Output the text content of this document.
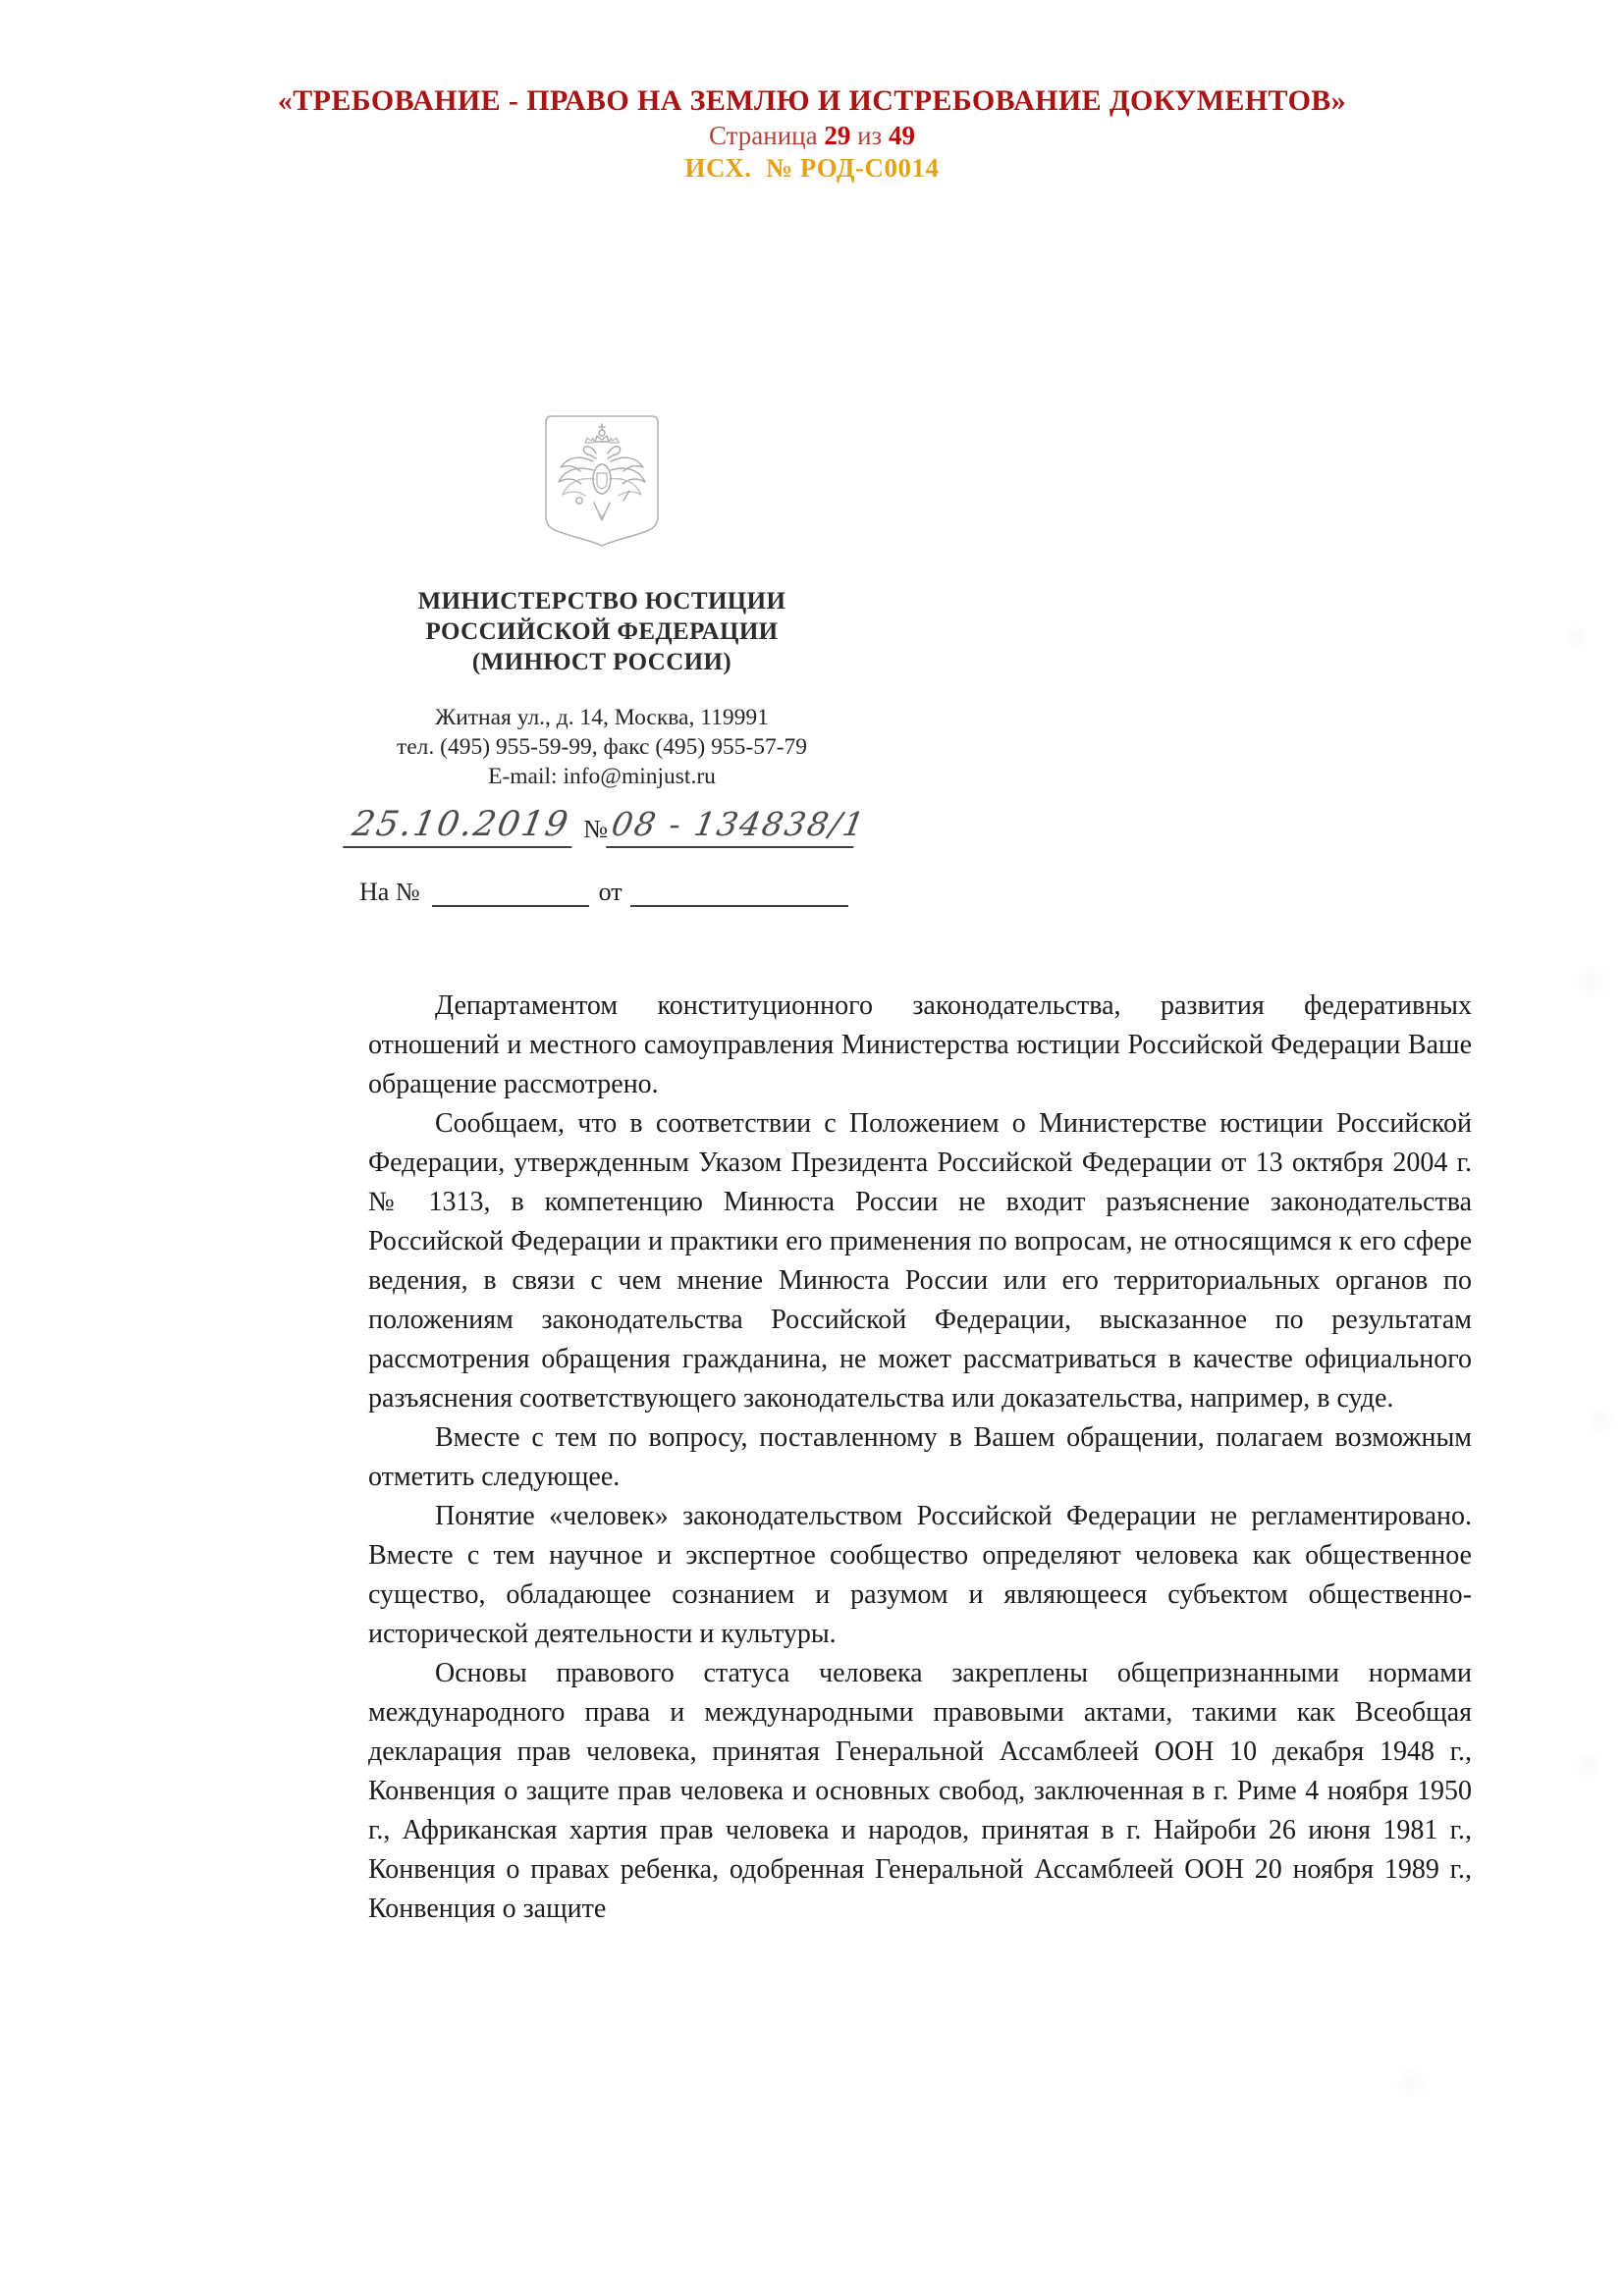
«ТРЕБОВАНИЕ - ПРАВО НА ЗЕМЛЮ И ИСТРЕБОВАНИЕ ДОКУМЕНТОВ»
Страница 29 из 49
ИСХ.  № РОД-С0014
МИНИСТЕРСТВО ЮСТИЦИИ
РОССИЙСКОЙ ФЕДЕРАЦИИ
(МИНЮСТ РОССИИ)
Житная ул., д. 14, Москва, 119991
тел. (495) 955-59-99, факс (495) 955-57-79
E-mail: info@minjust.ru
25.10.2019 № 08 - 134838/1
На №	от

Департаментом конституционного законодательства, развития федеративных отношений и местного самоуправления Министерства юстиции Российской Федерации Ваше обращение рассмотрено.

Сообщаем, что в соответствии с Положением о Министерстве юстиции Российской Федерации, утвержденным Указом Президента Российской Федерации от 13 октября 2004 г. № 1313, в компетенцию Минюста России не входит разъяснение законодательства Российской Федерации и практики его применения по вопросам, не относящимся к его сфере ведения, в связи с чем мнение Минюста России или его территориальных органов по положениям законодательства Российской Федерации, высказанное по результатам рассмотрения обращения гражданина, не может рассматриваться в качестве официального разъяснения соответствующего законодательства или доказательства, например, в суде.

Вместе с тем по вопросу, поставленному в Вашем обращении, полагаем возможным отметить следующее.

Понятие «человек» законодательством Российской Федерации не регламентировано. Вместе с тем научное и экспертное сообщество определяют человека как общественное существо, обладающее сознанием и разумом и являющееся субъектом общественно-исторической деятельности и культуры.

Основы правового статуса человека закреплены общепризнанными нормами международного права и международными правовыми актами, такими как Всеобщая декларация прав человека, принятая Генеральной Ассамблеей ООН 10 декабря 1948 г., Конвенция о защите прав человека и основных свобод, заключенная в г. Риме 4 ноября 1950 г., Африканская хартия прав человека и народов, принятая в г. Найроби 26 июня 1981 г., Конвенция о правах ребенка, одобренная Генеральной Ассамблеей ООН 20 ноября 1989 г., Конвенция о защите
